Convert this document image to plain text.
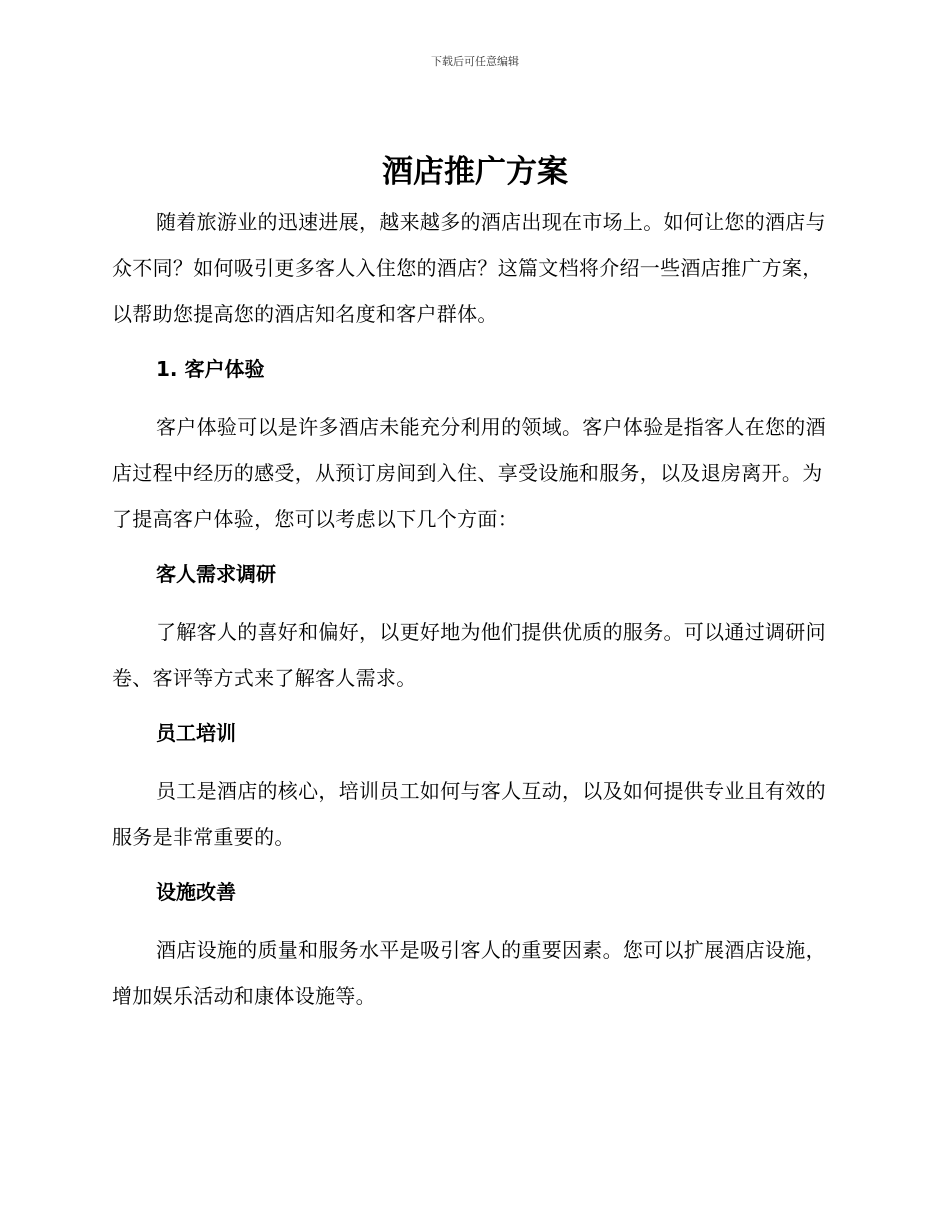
下载后可任意编辑
酒店推广方案

随着旅游业的迅速进展，越来越多的酒店出现在市场上。如何让您的酒店与众不同？如何吸引更多客人入住您的酒店？这篇文档将介绍一些酒店推广方案，以帮助您提高您的酒店知名度和客户群体。

1. 客户体验

客户体验可以是许多酒店未能充分利用的领域。客户体验是指客人在您的酒店过程中经历的感受，从预订房间到入住、享受设施和服务，以及退房离开。为了提高客户体验，您可以考虑以下几个方面：

客人需求调研

了解客人的喜好和偏好，以更好地为他们提供优质的服务。可以通过调研问卷、客评等方式来了解客人需求。

员工培训

员工是酒店的核心，培训员工如何与客人互动，以及如何提供专业且有效的服务是非常重要的。

设施改善

酒店设施的质量和服务水平是吸引客人的重要因素。您可以扩展酒店设施，增加娱乐活动和康体设施等。
